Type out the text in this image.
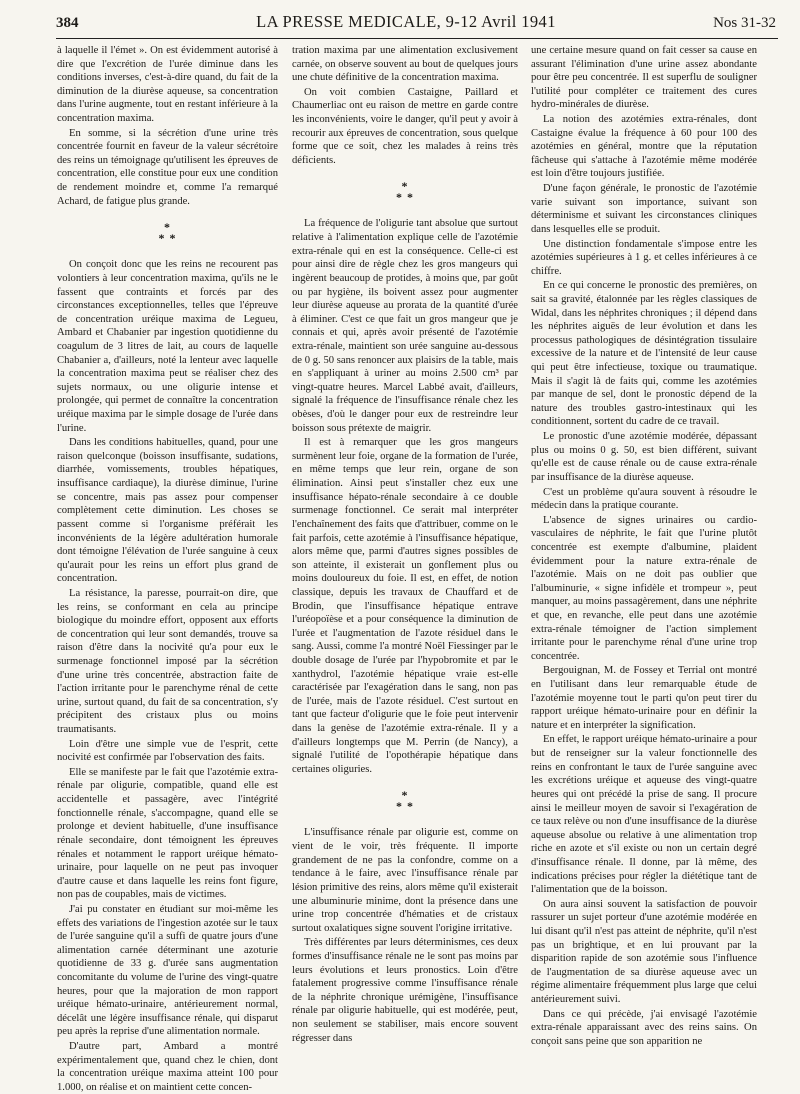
384	LA PRESSE MEDICALE, 9-12 Avril 1941	Nos 31-32

à laquelle il l'émet ». On est évidemment autorisé à dire que l'excrétion de l'urée diminue dans les conditions inverses, c'est-à-dire quand, du fait de la diminution de la diurèse aqueuse, sa concentration dans l'urine augmente, tout en restant inférieure à la concentration maxima.

En somme, si la sécrétion d'une urine très concentrée fournit en faveur de la valeur sécrétoire des reins un témoignage qu'utilisent les épreuves de concentration, elle constitue pour eux une condition de rendement moindre et, comme l'a remarqué Achard, de fatigue plus grande.

*
* *

On conçoit donc que les reins ne recourent pas volontiers à leur concentration maxima, qu'ils ne le fassent que contraints et forcés par des circonstances exceptionnelles, telles que l'épreuve de concentration uréique maxima de Legueu, Ambard et Chabanier par ingestion quotidienne du coagulum de 3 litres de lait, au cours de laquelle Chabanier a, d'ailleurs, noté la lenteur avec laquelle la concentration maxima peut se réaliser chez des sujets normaux, ou une oligurie intense et prolongée, qui permet de connaître la concentration uréique maxima par le simple dosage de l'urée dans l'urine.

Dans les conditions habituelles, quand, pour une raison quelconque (boisson insuffisante, sudations, diarrhée, vomissements, troubles hépatiques, insuffisance cardiaque), la diurèse diminue, l'urine se concentre, mais pas assez pour compenser complètement cette diminution. Les choses se passent comme si l'organisme préférait les inconvénients de la légère adultération humorale dont témoigne l'élévation de l'urée sanguine à ceux qu'aurait pour les reins un effort plus grand de concentration.

La résistance, la paresse, pourrait-on dire, que les reins, se conformant en cela au principe biologique du moindre effort, opposent aux efforts de concentration qui leur sont demandés, trouve sa raison d'être dans la nocivité qu'a pour eux le surmenage fonctionnel imposé par la sécrétion d'une urine très concentrée, abstraction faite de l'action irritante pour le parenchyme rénal de cette urine, surtout quand, du fait de sa concentration, s'y précipitent des cristaux plus ou moins traumatisants.

Loin d'être une simple vue de l'esprit, cette nocivité est confirmée par l'observation des faits.

Elle se manifeste par le fait que l'azotémie extra-rénale par oligurie, compatible, quand elle est accidentelle et passagère, avec l'intégrité fonctionnelle rénale, s'accompagne, quand elle se prolonge et devient habituelle, d'une insuffisance rénale secondaire, dont témoignent les épreuves rénales et notamment le rapport uréique hémato-urinaire, pour laquelle on ne peut pas invoquer d'autre cause et dans laquelle les reins font figure, non pas de coupables, mais de victimes.

J'ai pu constater en étudiant sur moi-même les effets des variations de l'ingestion azotée sur le taux de l'urée sanguine qu'il a suffi de quatre jours d'une alimentation carnée déterminant une azoturie quotidienne de 33 g. d'urée sans augmentation concomitante du volume de l'urine des vingt-quatre heures, pour que la majoration de mon rapport uréique hémato-urinaire, antérieurement normal, décelât une légère insuffisance rénale, qui disparut peu après la reprise d'une alimentation normale.

D'autre part, Ambard a montré expérimentalement que, quand chez le chien, dont la concentration uréique maxima atteint 100 pour 1.000, on réalise et on maintient cette concen-

tration maxima par une alimentation exclusivement carnée, on observe souvent au bout de quelques jours une chute définitive de la concentration maxima.

On voit combien Castaigne, Paillard et Chaumerliac ont eu raison de mettre en garde contre les inconvénients, voire le danger, qu'il peut y avoir à recourir aux épreuves de concentration, sous quelque forme que ce soit, chez les malades à reins très déficients.

*
* *

La fréquence de l'oligurie tant absolue que surtout relative à l'alimentation explique celle de l'azotémie extra-rénale qui en est la conséquence. Celle-ci est pour ainsi dire de règle chez les gros mangeurs qui ingèrent beaucoup de protides, à moins que, par goût ou par hygiène, ils boivent assez pour augmenter leur diurèse aqueuse au prorata de la quantité d'urée à éliminer. C'est ce que fait un gros mangeur que je connais et qui, après avoir présenté de l'azotémie extra-rénale, maintient son urée sanguine au-dessous de 0 g. 50 sans renoncer aux plaisirs de la table, mais en s'appliquant à uriner au moins 2.500 cm³ par vingt-quatre heures. Marcel Labbé avait, d'ailleurs, signalé la fréquence de l'insuffisance rénale chez les obèses, d'où le danger pour eux de restreindre leur boisson sous prétexte de maigrir.

Il est à remarquer que les gros mangeurs surmènent leur foie, organe de la formation de l'urée, en même temps que leur rein, organe de son élimination. Ainsi peut s'installer chez eux une insuffisance hépato-rénale secondaire à ce double surmenage fonctionnel. Ce serait mal interpréter l'enchaînement des faits que d'attribuer, comme on le fait parfois, cette azotémie à l'insuffisance hépatique, alors même que, parmi d'autres signes possibles de son atteinte, il existerait un gonflement plus ou moins douloureux du foie. Il est, en effet, de notion classique, depuis les travaux de Chauffard et de Brodin, que l'insuffisance hépatique entrave l'uréopoïèse et a pour conséquence la diminution de l'urée et l'augmentation de l'azote résiduel dans le sang. Aussi, comme l'a montré Noël Fiessinger par le double dosage de l'urée par l'hypobromite et par le xanthydrol, l'azotémie hépatique vraie est-elle caractérisée par l'exagération dans le sang, non pas de l'urée, mais de l'azote résiduel. C'est surtout en tant que facteur d'oligurie que le foie peut intervenir dans la genèse de l'azotémie extra-rénale. Il y a d'ailleurs longtemps que M. Perrin (de Nancy), a signalé l'utilité de l'opothérapie hépatique dans certaines oliguries.

*
* *

L'insuffisance rénale par oligurie est, comme on vient de le voir, très fréquente. Il importe grandement de ne pas la confondre, comme on a tendance à le faire, avec l'insuffisance rénale par lésion primitive des reins, alors même qu'il existerait une albuminurie minime, dont la présence dans une urine trop concentrée d'hématies et de cristaux surtout oxalatiques signe souvent l'origine irritative.

Très différentes par leurs déterminismes, ces deux formes d'insuffisance rénale ne le sont pas moins par leurs évolutions et leurs pronostics. Loin d'être fatalement progressive comme l'insuffisance rénale de la néphrite chronique urémigène, l'insuffisance rénale par oligurie habituelle, qui est modérée, peut, non seulement se stabiliser, mais encore souvent régresser dans

une certaine mesure quand on fait cesser sa cause en assurant l'élimination d'une urine assez abondante pour être peu concentrée. Il est superflu de souligner l'utilité pour compléter ce traitement des cures hydro-minérales de diurèse.

La notion des azotémies extra-rénales, dont Castaigne évalue la fréquence à 60 pour 100 des azotémies en général, montre que la réputation fâcheuse qui s'attache à l'azotémie même modérée est loin d'être toujours justifiée.

D'une façon générale, le pronostic de l'azotémie varie suivant son importance, suivant son déterminisme et suivant les circonstances cliniques dans lesquelles elle se produit.

Une distinction fondamentale s'impose entre les azotémies supérieures à 1 g. et celles inférieures à ce chiffre.

En ce qui concerne le pronostic des premières, on sait sa gravité, étalonnée par les règles classiques de Widal, dans les néphrites chroniques ; il dépend dans les néphrites aiguës de leur évolution et dans les processus pathologiques de désintégration tissulaire excessive de la nature et de l'intensité de leur cause qui peut être infectieuse, toxique ou traumatique. Mais il s'agit là de faits qui, comme les azotémies par manque de sel, dont le pronostic dépend de la nature des troubles gastro-intestinaux qui les conditionnent, sortent du cadre de ce travail.

Le pronostic d'une azotémie modérée, dépassant plus ou moins 0 g. 50, est bien différent, suivant qu'elle est de cause rénale ou de cause extra-rénale par insuffisance de la diurèse aqueuse.

C'est un problème qu'aura souvent à résoudre le médecin dans la pratique courante.

L'absence de signes urinaires ou cardio-vasculaires de néphrite, le fait que l'urine plutôt concentrée est exempte d'albumine, plaident évidemment pour la nature extra-rénale de l'azotémie. Mais on ne doit pas oublier que l'albuminurie, « signe infidèle et trompeur », peut manquer, au moins passagèrement, dans une néphrite et que, en revanche, elle peut dans une azotémie extra-rénale témoigner de l'action simplement irritante pour le parenchyme rénal d'une urine trop concentrée.

Bergouignan, M. de Fossey et Terrial ont montré en l'utilisant dans leur remarquable étude de l'azotémie moyenne tout le parti qu'on peut tirer du rapport uréique hémato-urinaire pour en définir la nature et en interpréter la signification.

En effet, le rapport uréique hémato-urinaire a pour but de renseigner sur la valeur fonctionnelle des reins en confrontant le taux de l'urée sanguine avec les excrétions uréique et aqueuse des vingt-quatre heures qui ont précédé la prise de sang. Il procure ainsi le meilleur moyen de savoir si l'exagération de ce taux relève ou non d'une insuffisance de la diurèse aqueuse absolue ou relative à une alimentation trop riche en azote et s'il existe ou non un certain degré d'insuffisance rénale. Il donne, par là même, des indications précises pour régler la diététique tant de l'alimentation que de la boisson.

On aura ainsi souvent la satisfaction de pouvoir rassurer un sujet porteur d'une azotémie modérée en lui disant qu'il n'est pas atteint de néphrite, qu'il n'est pas un brightique, et en lui prouvant par la disparition rapide de son azotémie sous l'influence de l'augmentation de sa diurèse aqueuse avec un régime alimentaire fréquemment plus large que celui antérieurement suivi.

Dans ce qui précède, j'ai envisagé l'azotémie extra-rénale apparaissant avec des reins sains. On conçoit sans peine que son apparition ne
